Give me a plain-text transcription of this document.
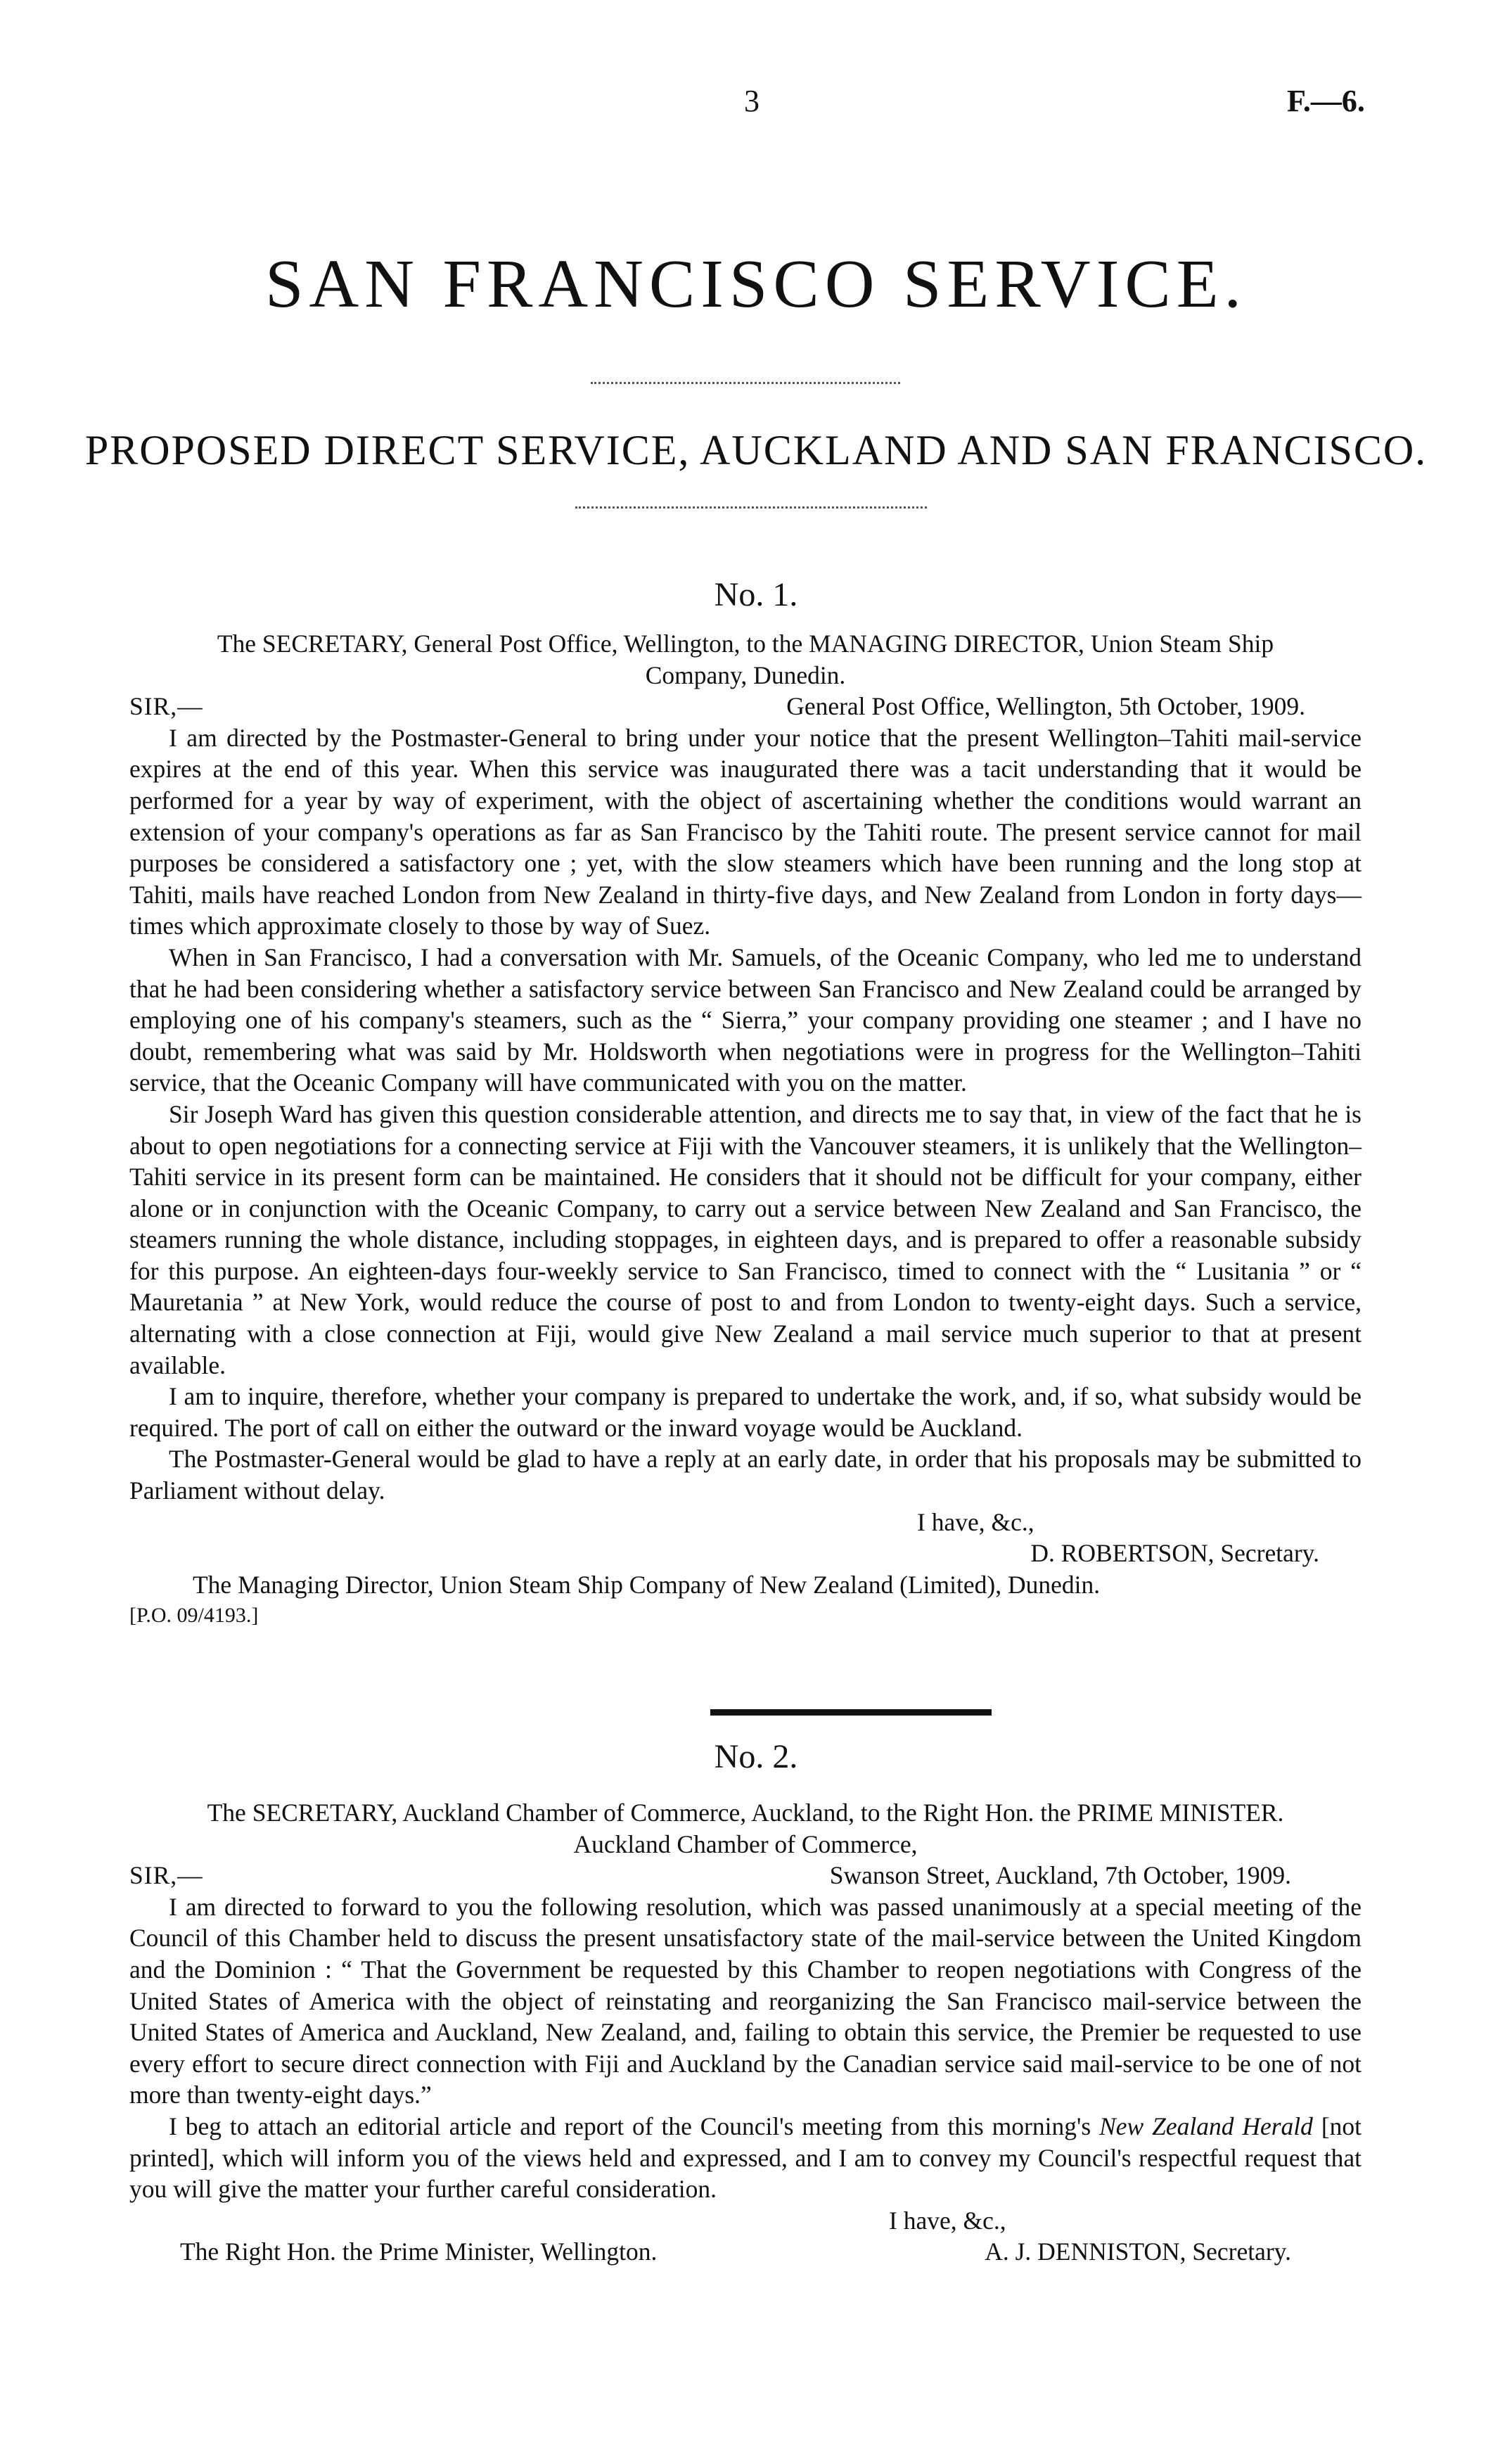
3	F.—6.
SAN FRANCISCO SERVICE.
PROPOSED DIRECT SERVICE, AUCKLAND AND SAN FRANCISCO.
No. 1.
The SECRETARY, General Post Office, Wellington, to the MANAGING DIRECTOR, Union Steam Ship
Company, Dunedin.
SIR,—	General Post Office, Wellington, 5th October, 1909.

I am directed by the Postmaster-General to bring under your notice that the present Wellington–Tahiti mail-service expires at the end of this year. When this service was inaugurated there was a tacit understanding that it would be performed for a year by way of experiment, with the object of ascertaining whether the conditions would warrant an extension of your company's operations as far as San Francisco by the Tahiti route. The present service cannot for mail purposes be considered a satisfactory one ; yet, with the slow steamers which have been running and the long stop at Tahiti, mails have reached London from New Zealand in thirty-five days, and New Zealand from London in forty days—times which approximate closely to those by way of Suez.

When in San Francisco, I had a conversation with Mr. Samuels, of the Oceanic Company, who led me to understand that he had been considering whether a satisfactory service between San Francisco and New Zealand could be arranged by employing one of his company's steamers, such as the “ Sierra,” your company providing one steamer ; and I have no doubt, remembering what was said by Mr. Holdsworth when negotiations were in progress for the Wellington–Tahiti service, that the Oceanic Company will have communicated with you on the matter.

Sir Joseph Ward has given this question considerable attention, and directs me to say that, in view of the fact that he is about to open negotiations for a connecting service at Fiji with the Vancouver steamers, it is unlikely that the Wellington–Tahiti service in its present form can be maintained. He considers that it should not be difficult for your company, either alone or in conjunction with the Oceanic Company, to carry out a service between New Zealand and San Francisco, the steamers running the whole distance, including stoppages, in eighteen days, and is prepared to offer a reasonable subsidy for this purpose. An eighteen-days four-weekly service to San Francisco, timed to connect with the “ Lusitania ” or “ Mauretania ” at New York, would reduce the course of post to and from London to twenty-eight days. Such a service, alternating with a close connection at Fiji, would give New Zealand a mail service much superior to that at present available.

I am to inquire, therefore, whether your company is prepared to undertake the work, and, if so, what subsidy would be required. The port of call on either the outward or the inward voyage would be Auckland.

The Postmaster-General would be glad to have a reply at an early date, in order that his proposals may be submitted to Parliament without delay.

I have, &c.,
D. ROBERTSON, Secretary.
The Managing Director, Union Steam Ship Company of New Zealand (Limited), Dunedin.
[P.O. 09/4193.]
No. 2.
The SECRETARY, Auckland Chamber of Commerce, Auckland, to the Right Hon. the PRIME MINISTER.
Auckland Chamber of Commerce,
SIR,—	Swanson Street, Auckland, 7th October, 1909.

I am directed to forward to you the following resolution, which was passed unanimously at a special meeting of the Council of this Chamber held to discuss the present unsatisfactory state of the mail-service between the United Kingdom and the Dominion : “ That the Government be requested by this Chamber to reopen negotiations with Congress of the United States of America with the object of reinstating and reorganizing the San Francisco mail-service between the United States of America and Auckland, New Zealand, and, failing to obtain this service, the Premier be requested to use every effort to secure direct connection with Fiji and Auckland by the Canadian service said mail-service to be one of not more than twenty-eight days.”

I beg to attach an editorial article and report of the Council's meeting from this morning's New Zealand Herald [not printed], which will inform you of the views held and expressed, and I am to convey my Council's respectful request that you will give the matter your further careful consideration.

I have, &c.,
The Right Hon. the Prime Minister, Wellington.	A. J. DENNISTON, Secretary.
